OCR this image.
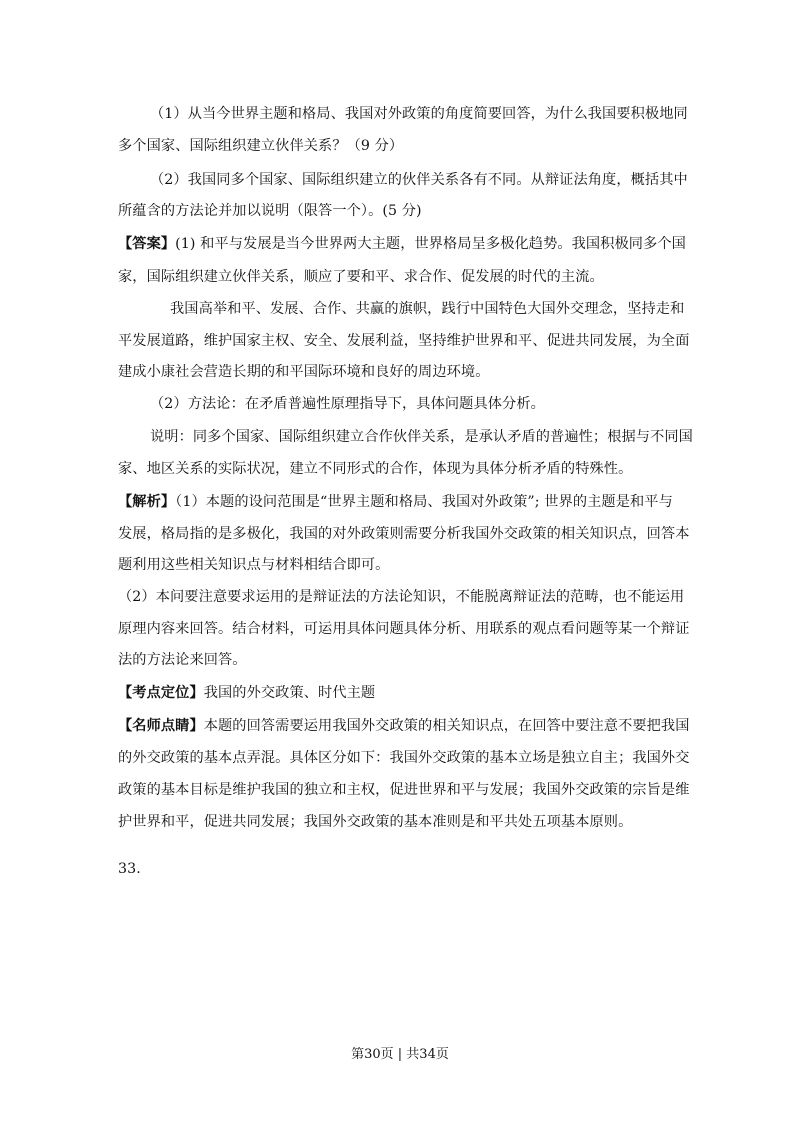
（1）从当今世界主题和格局、我国对外政策的角度简要回答，为什么我国要积极地同
多个国家、国际组织建立伙伴关系？（9 分）
（2）我国同多个国家、国际组织建立的伙伴关系各有不同。从辩证法角度，概括其中
所蕴含的方法论并加以说明（限答一个）。(5 分)
【答案】(1) 和平与发展是当今世界两大主题，世界格局呈多极化趋势。我国积极同多个国
家，国际组织建立伙伴关系，顺应了要和平、求合作、促发展的时代的主流。
我国高举和平、发展、合作、共赢的旗帜，践行中国特色大国外交理念，坚持走和
平发展道路，维护国家主权、安全、发展利益，坚持维护世界和平、促进共同发展，为全面
建成小康社会营造长期的和平国际环境和良好的周边环境。
（2）方法论：在矛盾普遍性原理指导下，具体问题具体分析。
说明：同多个国家、国际组织建立合作伙伴关系，是承认矛盾的普遍性；根据与不同国
家、地区关系的实际状况，建立不同形式的合作，体现为具体分析矛盾的特殊性。
【解析】（1）本题的设问范围是“世界主题和格局、我国对外政策”; 世界的主题是和平与
发展，格局指的是多极化，我国的对外政策则需要分析我国外交政策的相关知识点，回答本
题利用这些相关知识点与材料相结合即可。
（2）本问要注意要求运用的是辩证法的方法论知识，不能脱离辩证法的范畴，也不能运用
原理内容来回答。结合材料，可运用具体问题具体分析、用联系的观点看问题等某一个辩证
法的方法论来回答。
【考点定位】我国的外交政策、时代主题
【名师点睛】本题的回答需要运用我国外交政策的相关知识点，在回答中要注意不要把我国
的外交政策的基本点弄混。具体区分如下：我国外交政策的基本立场是独立自主；我国外交
政策的基本目标是维护我国的独立和主权，促进世界和平与发展；我国外交政策的宗旨是维
护世界和平，促进共同发展；我国外交政策的基本准则是和平共处五项基本原则。
33.
第30页 | 共34页
